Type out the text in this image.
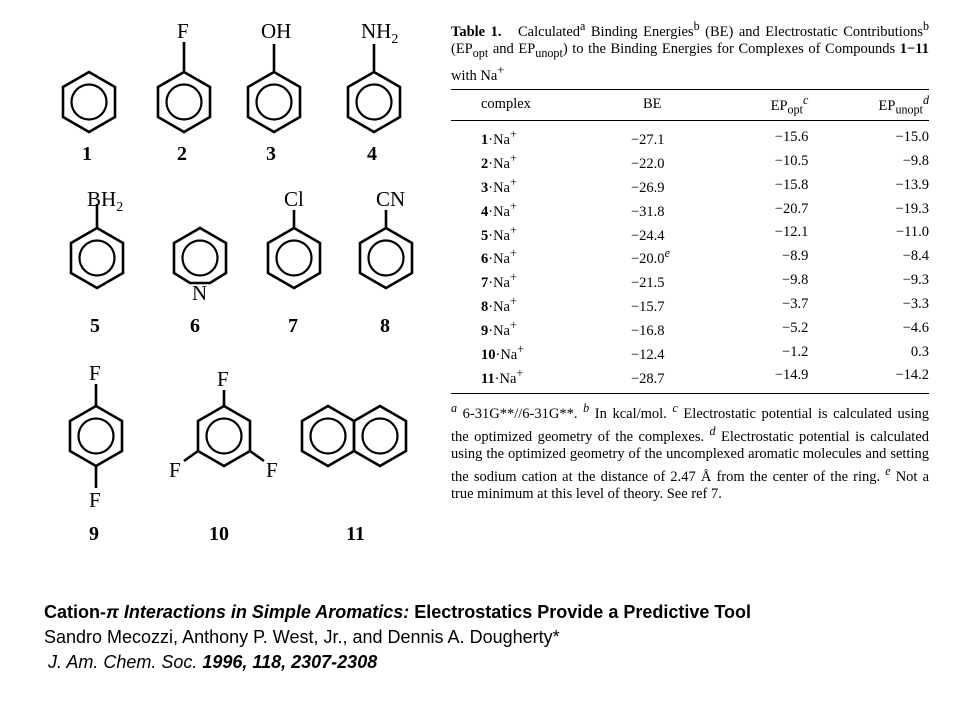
1
F
2
OH
3
$NH_2$
4
$BH_2$
5
N
6
Cl
7
CN
8
F
F
9
F
F	F
10	11
Table 1. Calculated$^a$ Binding Energies$^b$ (BE) and Electrostatic Contributions$^b$ ($EP_{opt}$ and $EP_{unopt}$) to the Binding Energies for Complexes of Compounds 1−11 with Na+
complex	BE	$EP_{opt}^c$	$EP_{unopt}^d$

1·Na+	−27.1	−15.6	−15.0
2·Na+	−22.0	−10.5	−9.8
3·Na+	−26.9	−15.8	−13.9
4·Na+	−31.8	−20.7	−19.3
5·Na+	−24.4	−12.1	−11.0
6·Na+	−20.0$^e$	−8.9	−8.4
7·Na+	−21.5	−9.8	−9.3
8·Na+	−15.7	−3.7	−3.3
9·Na+	−16.8	−5.2	−4.6
10·Na+	−12.4	−1.2	0.3
11·Na+	−28.7	−14.9	−14.2
$^a$ 6-31G**//6-31G**. $^b$ In kcal/mol. $^c$ Electrostatic potential is calculated using the optimized geometry of the complexes. $^d$ Electrostatic potential is calculated using the optimized geometry of the uncomplexed aromatic molecules and setting the sodium cation at the distance of 2.47 Å from the center of the ring. $^e$ Not a true minimum at this level of theory. See ref 7.
Cation-π Interactions in Simple Aromatics: Electrostatics Provide a Predictive Tool
Sandro Mecozzi, Anthony P. West, Jr., and Dennis A. Dougherty*
J. Am. Chem. Soc. 1996, 118, 2307-2308
